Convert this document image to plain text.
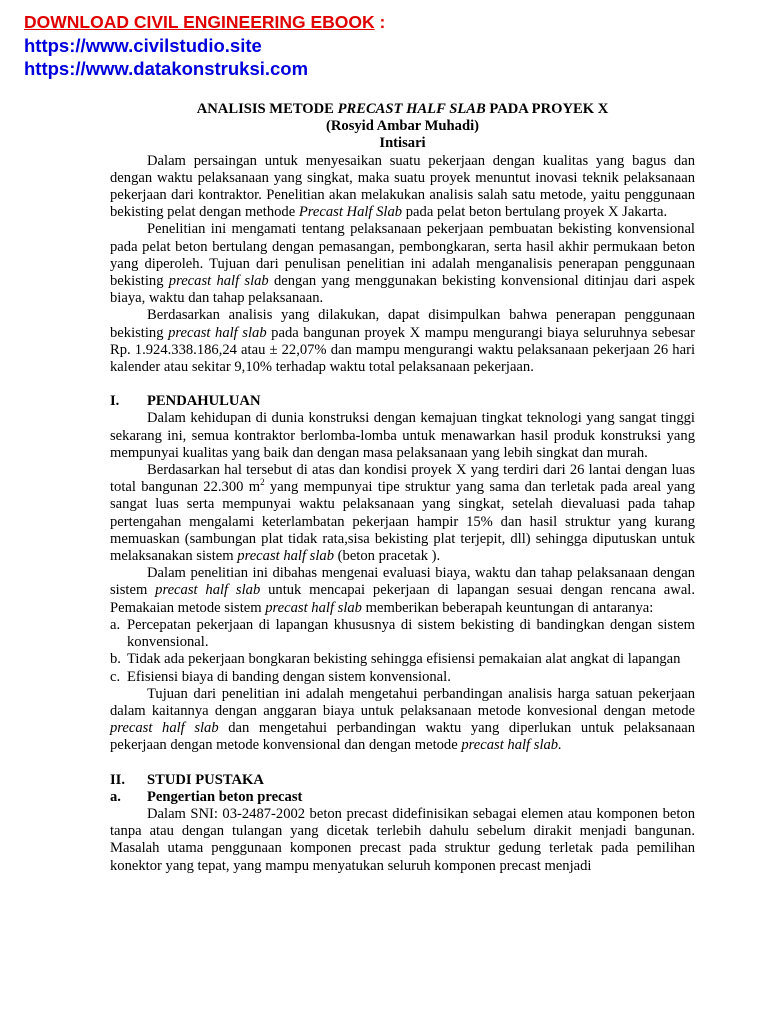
DOWNLOAD CIVIL ENGINEERING EBOOK :
https://www.civilstudio.site
https://www.datakonstruksi.com
ANALISIS METODE PRECAST HALF SLAB PADA PROYEK X
(Rosyid Ambar Muhadi)
Intisari

Dalam persaingan untuk menyesaikan suatu pekerjaan dengan kualitas yang bagus dan dengan waktu pelaksanaan yang singkat, maka suatu proyek menuntut inovasi teknik pelaksanaan pekerjaan dari kontraktor. Penelitian akan melakukan analisis salah satu metode, yaitu penggunaan bekisting pelat dengan methode Precast Half Slab pada pelat beton bertulang proyek X Jakarta.

Penelitian ini mengamati tentang pelaksanaan pekerjaan pembuatan bekisting konvensional pada pelat beton bertulang dengan pemasangan, pembongkaran, serta hasil akhir permukaan beton yang diperoleh. Tujuan dari penulisan penelitian ini adalah menganalisis penerapan penggunaan bekisting precast half slab dengan yang menggunakan bekisting konvensional ditinjau dari aspek biaya, waktu dan tahap pelaksanaan.

Berdasarkan analisis yang dilakukan, dapat disimpulkan bahwa penerapan penggunaan bekisting precast half slab pada bangunan proyek X mampu mengurangi biaya seluruhnya sebesar Rp. 1.924.338.186,24 atau ± 22,07% dan mampu mengurangi waktu pelaksanaan pekerjaan 26 hari kalender atau sekitar 9,10% terhadap waktu total pelaksanaan pekerjaan.

I.	PENDAHULUAN

Dalam kehidupan di dunia konstruksi dengan kemajuan tingkat teknologi yang sangat tinggi sekarang ini, semua kontraktor berlomba-lomba untuk menawarkan hasil produk konstruksi yang mempunyai kualitas yang baik dan dengan masa pelaksanaan yang lebih singkat dan murah.

Berdasarkan hal tersebut di atas dan kondisi proyek X yang terdiri dari 26 lantai dengan luas total bangunan 22.300 $m^2$ yang mempunyai tipe struktur yang sama dan terletak pada areal yang sangat luas serta mempunyai waktu pelaksanaan yang singkat, setelah dievaluasi pada tahap pertengahan mengalami keterlambatan pekerjaan hampir 15% dan hasil struktur yang kurang memuaskan (sambungan plat tidak rata,sisa bekisting plat terjepit, dll) sehingga diputuskan untuk melaksanakan sistem precast half slab (beton pracetak ).

Dalam penelitian ini dibahas mengenai evaluasi biaya, waktu dan tahap pelaksanaan dengan sistem precast half slab untuk mencapai pekerjaan di lapangan sesuai dengan rencana awal. Pemakaian metode sistem precast half slab memberikan beberapah keuntungan di antaranya:

a. Percepatan pekerjaan di lapangan khususnya di sistem bekisting di bandingkan dengan sistem konvensional.
b. Tidak ada pekerjaan bongkaran bekisting sehingga efisiensi pemakaian alat angkat di lapangan
c. Efisiensi biaya di banding dengan sistem konvensional.

Tujuan dari penelitian ini adalah mengetahui perbandingan analisis harga satuan pekerjaan dalam kaitannya dengan anggaran biaya untuk pelaksanaan metode konvesional dengan metode precast half slab dan mengetahui perbandingan waktu yang diperlukan untuk pelaksanaan pekerjaan dengan metode konvensional dan dengan metode precast half slab.

II.	STUDI PUSTAKA
a.	Pengertian beton precast

Dalam SNI: 03-2487-2002 beton precast didefinisikan sebagai elemen atau komponen beton tanpa atau dengan tulangan yang dicetak terlebih dahulu sebelum dirakit menjadi bangunan. Masalah utama penggunaan komponen precast pada struktur gedung terletak pada pemilihan konektor yang tepat, yang mampu menyatukan seluruh komponen precast menjadi
